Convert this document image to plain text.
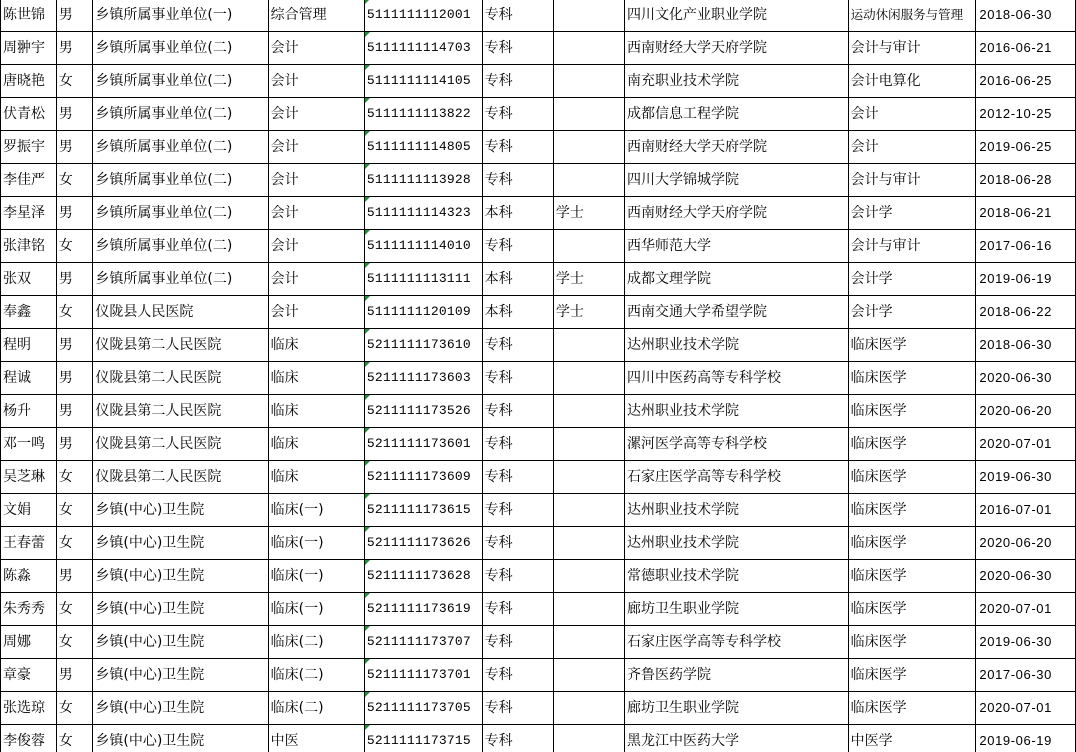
陈世锦	男	乡镇所属事业单位(一)	综合管理	5111111112001	专科		四川文化产业职业学院	运动休闲服务与管理	2018-06-30
周翀宇	男	乡镇所属事业单位(二)	会计	5111111114703	专科		西南财经大学天府学院	会计与审计	2016-06-21
唐晓艳	女	乡镇所属事业单位(二)	会计	5111111114105	专科		南充职业技术学院	会计电算化	2016-06-25
伏青松	男	乡镇所属事业单位(二)	会计	5111111113822	专科		成都信息工程学院	会计	2012-10-25
罗振宇	男	乡镇所属事业单位(二)	会计	5111111114805	专科		西南财经大学天府学院	会计	2019-06-25
李佳严	女	乡镇所属事业单位(二)	会计	5111111113928	专科		四川大学锦城学院	会计与审计	2018-06-28
李星泽	男	乡镇所属事业单位(二)	会计	5111111114323	本科	学士	西南财经大学天府学院	会计学	2018-06-21
张津铭	女	乡镇所属事业单位(二)	会计	5111111114010	专科		西华师范大学	会计与审计	2017-06-16
张双	男	乡镇所属事业单位(二)	会计	5111111113111	本科	学士	成都文理学院	会计学	2019-06-19
奉鑫	女	仪陇县人民医院	会计	5111111120109	本科	学士	西南交通大学希望学院	会计学	2018-06-22
程明	男	仪陇县第二人民医院	临床	5211111173610	专科		达州职业技术学院	临床医学	2018-06-30
程诚	男	仪陇县第二人民医院	临床	5211111173603	专科		四川中医药高等专科学校	临床医学	2020-06-30
杨升	男	仪陇县第二人民医院	临床	5211111173526	专科		达州职业技术学院	临床医学	2020-06-20
邓一鸣	男	仪陇县第二人民医院	临床	5211111173601	专科		漯河医学高等专科学校	临床医学	2020-07-01
吴芝琳	女	仪陇县第二人民医院	临床	5211111173609	专科		石家庄医学高等专科学校	临床医学	2019-06-30
文娟	女	乡镇(中心)卫生院	临床(一)	5211111173615	专科		达州职业技术学院	临床医学	2016-07-01
王春蕾	女	乡镇(中心)卫生院	临床(一)	5211111173626	专科		达州职业技术学院	临床医学	2020-06-20
陈淼	男	乡镇(中心)卫生院	临床(一)	5211111173628	专科		常德职业技术学院	临床医学	2020-06-30
朱秀秀	女	乡镇(中心)卫生院	临床(一)	5211111173619	专科		廊坊卫生职业学院	临床医学	2020-07-01
周娜	女	乡镇(中心)卫生院	临床(二)	5211111173707	专科		石家庄医学高等专科学校	临床医学	2019-06-30
章豪	男	乡镇(中心)卫生院	临床(二)	5211111173701	专科		齐鲁医药学院	临床医学	2017-06-30
张选琼	女	乡镇(中心)卫生院	临床(二)	5211111173705	专科		廊坊卫生职业学院	临床医学	2020-07-01
李俊蓉	女	乡镇(中心)卫生院	中医	5211111173715	专科		黑龙江中医药大学	中医学	2019-06-19
